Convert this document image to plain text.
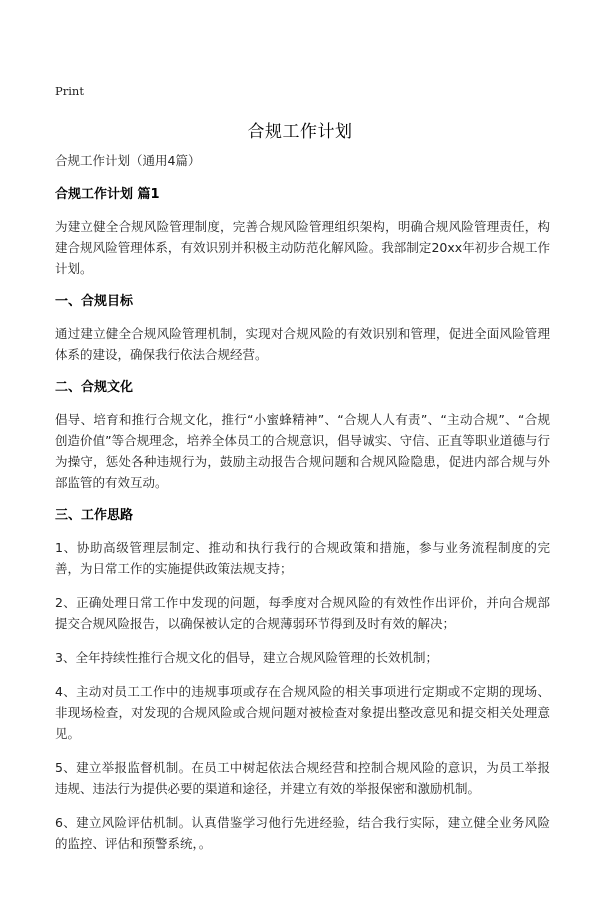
Print
合规工作计划
合规工作计划（通用4篇）
合规工作计划 篇1
为建立健全合规风险管理制度，完善合规风险管理组织架构，明确合规风险管理责任，构建合规风险管理体系，有效识别并积极主动防范化解风险。我部制定20xx年初步合规工作计划。
一、合规目标
通过建立健全合规风险管理机制，实现对合规风险的有效识别和管理，促进全面风险管理体系的建设，确保我行依法合规经营。
二、合规文化
倡导、培育和推行合规文化，推行“小蜜蜂精神”、“合规人人有责”、“主动合规”、“合规创造价值”等合规理念，培养全体员工的合规意识，倡导诚实、守信、正直等职业道德与行为操守，惩处各种违规行为，鼓励主动报告合规问题和合规风险隐患，促进内部合规与外部监管的有效互动。
三、工作思路
1、协助高级管理层制定、推动和执行我行的合规政策和措施，参与业务流程制度的完善，为日常工作的实施提供政策法规支持；
2、正确处理日常工作中发现的问题，每季度对合规风险的有效性作出评价，并向合规部提交合规风险报告，以确保被认定的合规薄弱环节得到及时有效的解决；
3、全年持续性推行合规文化的倡导，建立合规风险管理的长效机制；
4、主动对员工工作中的违规事项或存在合规风险的相关事项进行定期或不定期的现场、非现场检查，对发现的合规风险或合规问题对被检查对象提出整改意见和提交相关处理意见。
5、建立举报监督机制。在员工中树起依法合规经营和控制合规风险的意识，为员工举报违规、违法行为提供必要的渠道和途径，并建立有效的举报保密和激励机制。
6、建立风险评估机制。认真借鉴学习他行先进经验，结合我行实际，建立健全业务风险的监控、评估和预警系统，。
